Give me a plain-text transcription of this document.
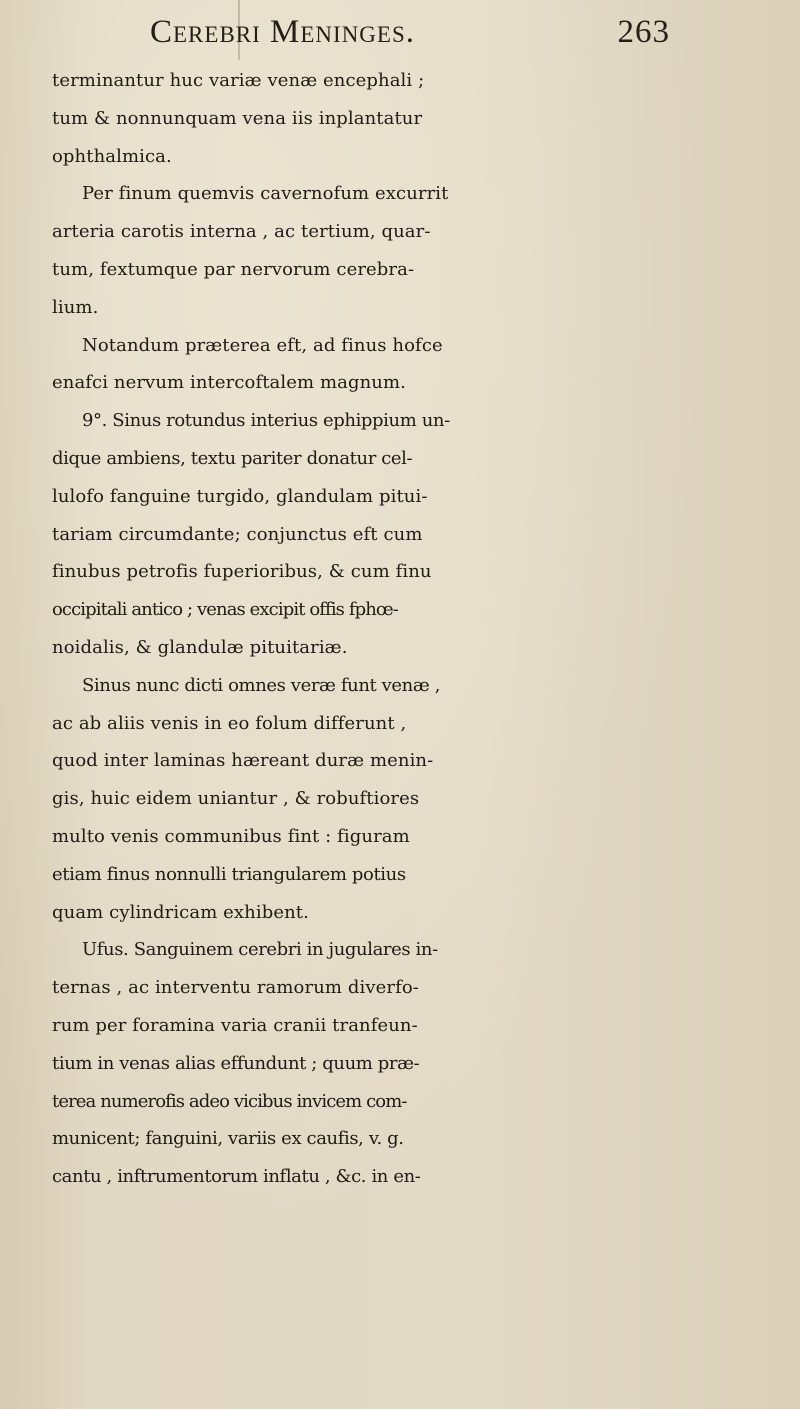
Cerebri Meninges.	263
terminantur huc variæ venæ encephali ;
tum & nonnunquam vena iis inplantatur
ophthalmica.
Per finum quemvis cavernofum excurrit
arteria carotis interna , ac tertium, quar-
tum, fextumque par nervorum cerebra-
lium.
Notandum præterea eft, ad finus hofce
enafci nervum intercoftalem magnum.
9°. Sinus rotundus interius ephippium un-
dique ambiens, textu pariter donatur cel-
lulofo fanguine turgido, glandulam pitui-
tariam circumdante; conjunctus eft cum
finubus petrofis fuperioribus, & cum finu
occipitali antico ; venas excipit offis fphœ-
noidalis, & glandulæ pituitariæ.
Sinus nunc dicti omnes veræ funt venæ ,
ac ab aliis venis in eo folum differunt ,
quod inter laminas hæreant duræ menin-
gis, huic eidem uniantur , & robuftiores
multo venis communibus fint : figuram
etiam finus nonnulli triangularem potius
quam cylindricam exhibent.
Ufus. Sanguinem cerebri in jugulares in-
ternas , ac interventu ramorum diverfo-
rum per foramina varia cranii tranfeun-
tium in venas alias effundunt ; quum præ-
terea numerofis adeo vicibus invicem com-
municent; fanguini, variis ex caufis, v. g.
cantu , inftrumentorum inflatu , &c. in en-
